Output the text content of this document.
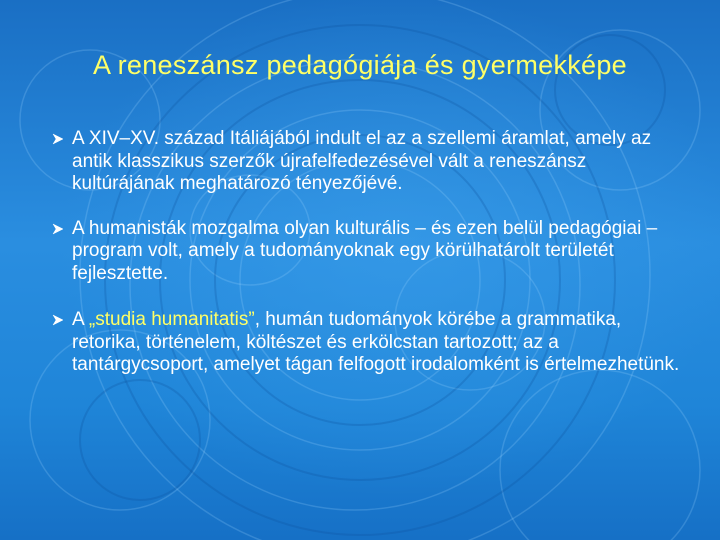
A reneszánsz pedagógiája és gyermekképe
A XIV–XV. század Itáliájából indult el az a szellemi áramlat, amely az antik klasszikus szerzők újrafelfedezésével vált a reneszánsz kultúrájának meghatározó tényezőjévé.
A humanisták mozgalma olyan kulturális – és ezen belül pedagógiai – program volt, amely a tudományoknak egy körülhatárolt területét fejlesztette.
A „studia humanitatis”, humán tudományok körébe a grammatika, retorika, történelem, költészet és erkölcstan tartozott; az a tantárgycsoport, amelyet tágan felfogott irodalomként is értelmezhetünk.
